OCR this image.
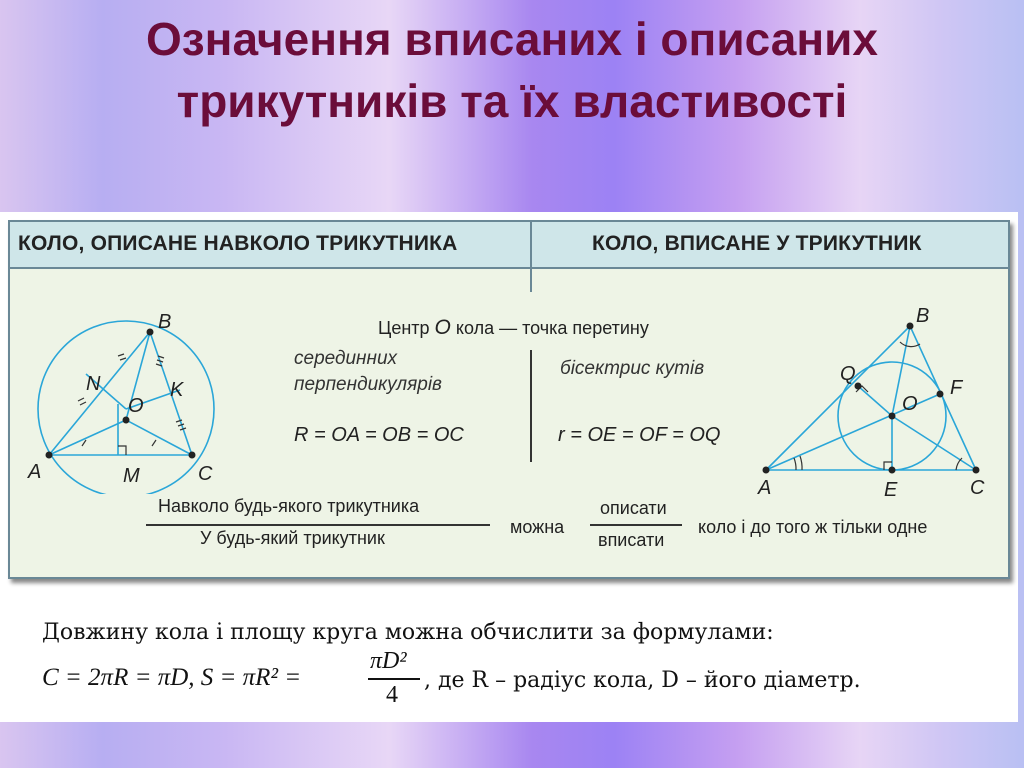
Означення вписаних і описаних
трикутників та їх властивості
КОЛО, ОПИСАНЕ НАВКОЛО ТРИКУТНИКА	КОЛО, ВПИСАНЕ У ТРИКУТНИК
A
B
C
N	K
O
M
Центр O кола — точка перетину
серединних
перпендикулярів
бісектрис кутів
R = OA = OB = OC	r = OE = OF = OQ
A
B
C
Q
F
O
E
Навколо будь-якого трикутника
У будь-який трикутник
можна
описати
вписати
коло і до того ж тільки одне
Довжину кола і площу круга можна обчислити за формулами:
C = 2πR = πD, S = πR² =
πD²
4
, де R – радіус кола, D – його діаметр.
